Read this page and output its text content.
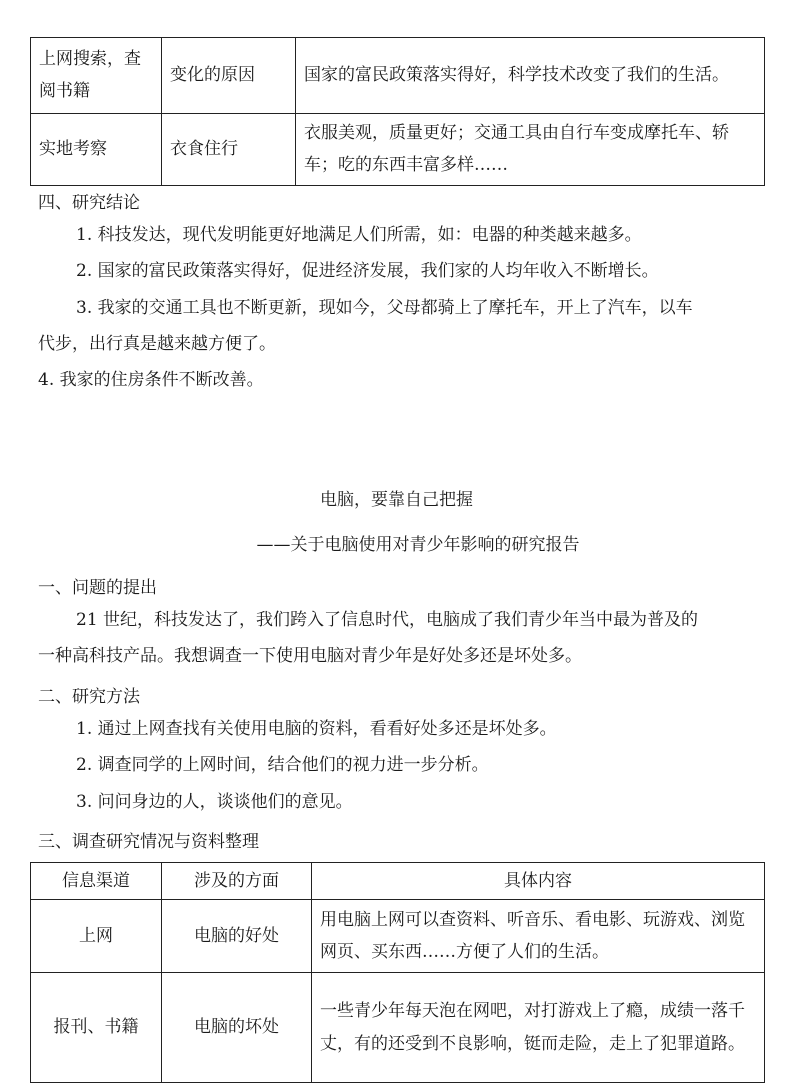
上网搜索，查阅书籍	变化的原因	国家的富民政策落实得好，科学技术改变了我们的生活。
实地考察	衣食住行	衣服美观，质量更好；交通工具由自行车变成摩托车、轿车；吃的东西丰富多样……
四、研究结论
1. 科技发达，现代发明能更好地满足人们所需，如：电器的种类越来越多。
2. 国家的富民政策落实得好，促进经济发展，我们家的人均年收入不断增长。
3. 我家的交通工具也不断更新，现如今，父母都骑上了摩托车，开上了汽车，以车
代步，出行真是越来越方便了。
4. 我家的住房条件不断改善。
电脑，要靠自己把握
——关于电脑使用对青少年影响的研究报告
一、问题的提出
21 世纪，科技发达了，我们跨入了信息时代，电脑成了我们青少年当中最为普及的
一种高科技产品。我想调查一下使用电脑对青少年是好处多还是坏处多。
二、研究方法
1. 通过上网查找有关使用电脑的资料，看看好处多还是坏处多。
2. 调查同学的上网时间，结合他们的视力进一步分析。
3. 问问身边的人，谈谈他们的意见。
三、调查研究情况与资料整理
信息渠道	涉及的方面	具体内容
上网	电脑的好处	用电脑上网可以查资料、听音乐、看电影、玩游戏、浏览网页、买东西……方便了人们的生活。
报刊、书籍	电脑的坏处	一些青少年每天泡在网吧，对打游戏上了瘾，成绩一落千丈，有的还受到不良影响，铤而走险，走上了犯罪道路。
